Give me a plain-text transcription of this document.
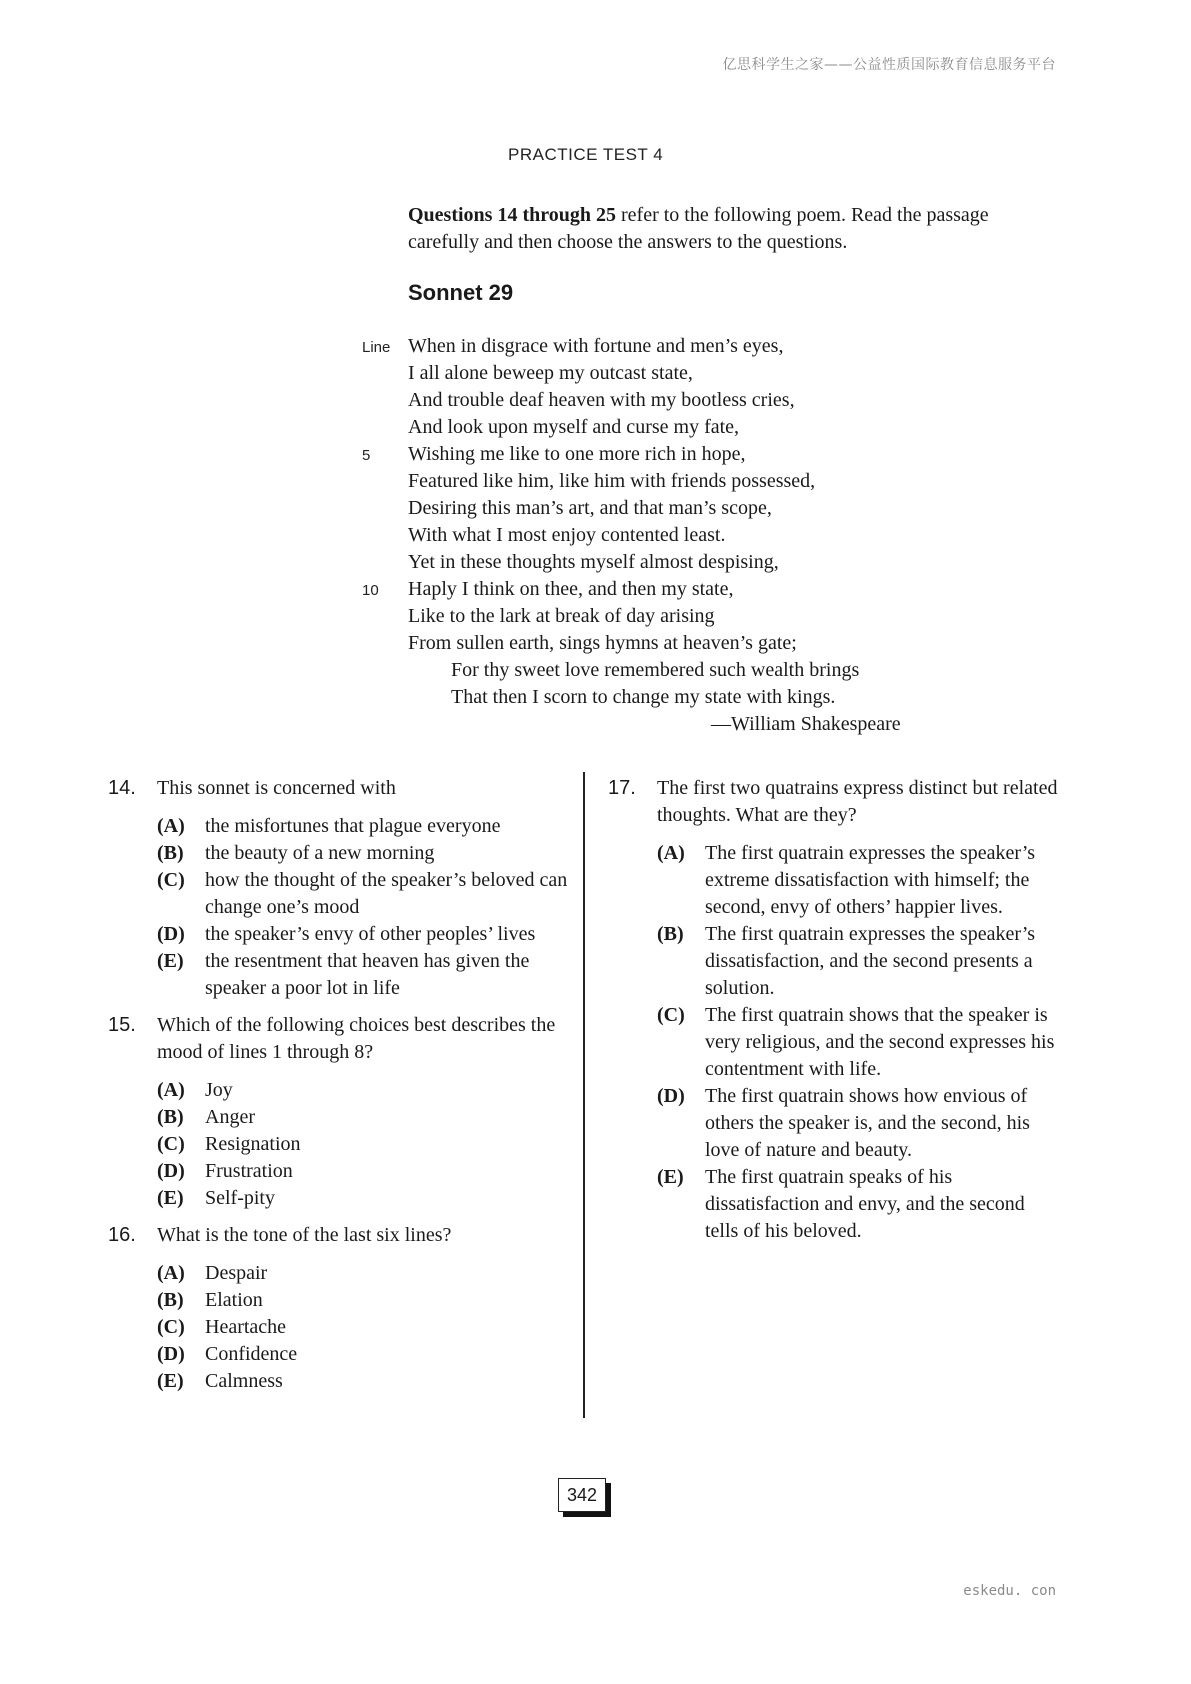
亿思科学生之家——公益性质国际教育信息服务平台
PRACTICE TEST 4
Questions 14 through 25 refer to the following poem. Read the passage carefully and then choose the answers to the questions.
Sonnet 29
Line When in disgrace with fortune and men’s eyes,
I all alone beweep my outcast state,
And trouble deaf heaven with my bootless cries,
And look upon myself and curse my fate,
5 Wishing me like to one more rich in hope,
Featured like him, like him with friends possessed,
Desiring this man’s art, and that man’s scope,
With what I most enjoy contented least.
Yet in these thoughts myself almost despising,
10 Haply I think on thee, and then my state,
Like to the lark at break of day arising
From sullen earth, sings hymns at heaven’s gate;
For thy sweet love remembered such wealth brings
That then I scorn to change my state with kings.
—William Shakespeare
14. This sonnet is concerned with
(A) the misfortunes that plague everyone
(B) the beauty of a new morning
(C) how the thought of the speaker’s beloved can change one’s mood
(D) the speaker’s envy of other peoples’ lives
(E) the resentment that heaven has given the speaker a poor lot in life
15. Which of the following choices best describes the mood of lines 1 through 8?
(A) Joy
(B) Anger
(C) Resignation
(D) Frustration
(E) Self-pity
16. What is the tone of the last six lines?
(A) Despair
(B) Elation
(C) Heartache
(D) Confidence
(E) Calmness
17. The first two quatrains express distinct but related thoughts. What are they?
(A) The first quatrain expresses the speaker’s extreme dissatisfaction with himself; the second, envy of others’ happier lives.
(B) The first quatrain expresses the speaker’s dissatisfaction, and the second presents a solution.
(C) The first quatrain shows that the speaker is very religious, and the second expresses his contentment with life.
(D) The first quatrain shows how envious of others the speaker is, and the second, his love of nature and beauty.
(E) The first quatrain speaks of his dissatisfaction and envy, and the second tells of his beloved.
342
eskedu. con
